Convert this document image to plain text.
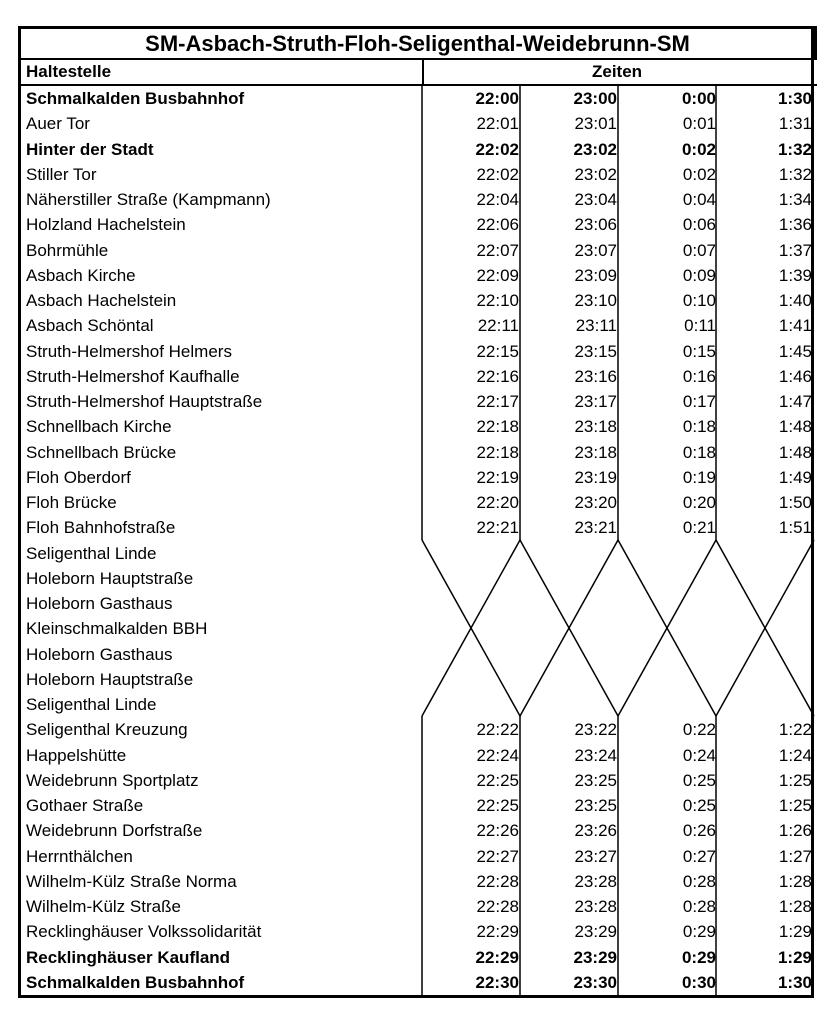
SM-Asbach-Struth-Floh-Seligenthal-Weidebrunn-SM
Haltestelle	Zeiten
Schmalkalden Busbahnhof	22:00	23:00	0:00	1:30
Auer Tor	22:01	23:01	0:01	1:31
Hinter der Stadt	22:02	23:02	0:02	1:32
Stiller Tor	22:02	23:02	0:02	1:32
Näherstiller Straße (Kampmann)	22:04	23:04	0:04	1:34
Holzland Hachelstein	22:06	23:06	0:06	1:36
Bohrmühle	22:07	23:07	0:07	1:37
Asbach Kirche	22:09	23:09	0:09	1:39
Asbach Hachelstein	22:10	23:10	0:10	1:40
Asbach Schöntal	22:11	23:11	0:11	1:41
Struth-Helmershof Helmers	22:15	23:15	0:15	1:45
Struth-Helmershof Kaufhalle	22:16	23:16	0:16	1:46
Struth-Helmershof Hauptstraße	22:17	23:17	0:17	1:47
Schnellbach Kirche	22:18	23:18	0:18	1:48
Schnellbach Brücke	22:18	23:18	0:18	1:48
Floh Oberdorf	22:19	23:19	0:19	1:49
Floh Brücke	22:20	23:20	0:20	1:50
Floh Bahnhofstraße	22:21	23:21	0:21	1:51
Seligenthal Linde
Holeborn Hauptstraße
Holeborn Gasthaus
Kleinschmalkalden BBH
Holeborn Gasthaus
Holeborn Hauptstraße
Seligenthal Linde
Seligenthal Kreuzung	22:22	23:22	0:22	1:22
Happelshütte	22:24	23:24	0:24	1:24
Weidebrunn Sportplatz	22:25	23:25	0:25	1:25
Gothaer Straße	22:25	23:25	0:25	1:25
Weidebrunn Dorfstraße	22:26	23:26	0:26	1:26
Herrnthälchen	22:27	23:27	0:27	1:27
Wilhelm-Külz Straße Norma	22:28	23:28	0:28	1:28
Wilhelm-Külz Straße	22:28	23:28	0:28	1:28
Recklinghäuser Volkssolidarität	22:29	23:29	0:29	1:29
Recklinghäuser Kaufland	22:29	23:29	0:29	1:29
Schmalkalden Busbahnhof	22:30	23:30	0:30	1:30
